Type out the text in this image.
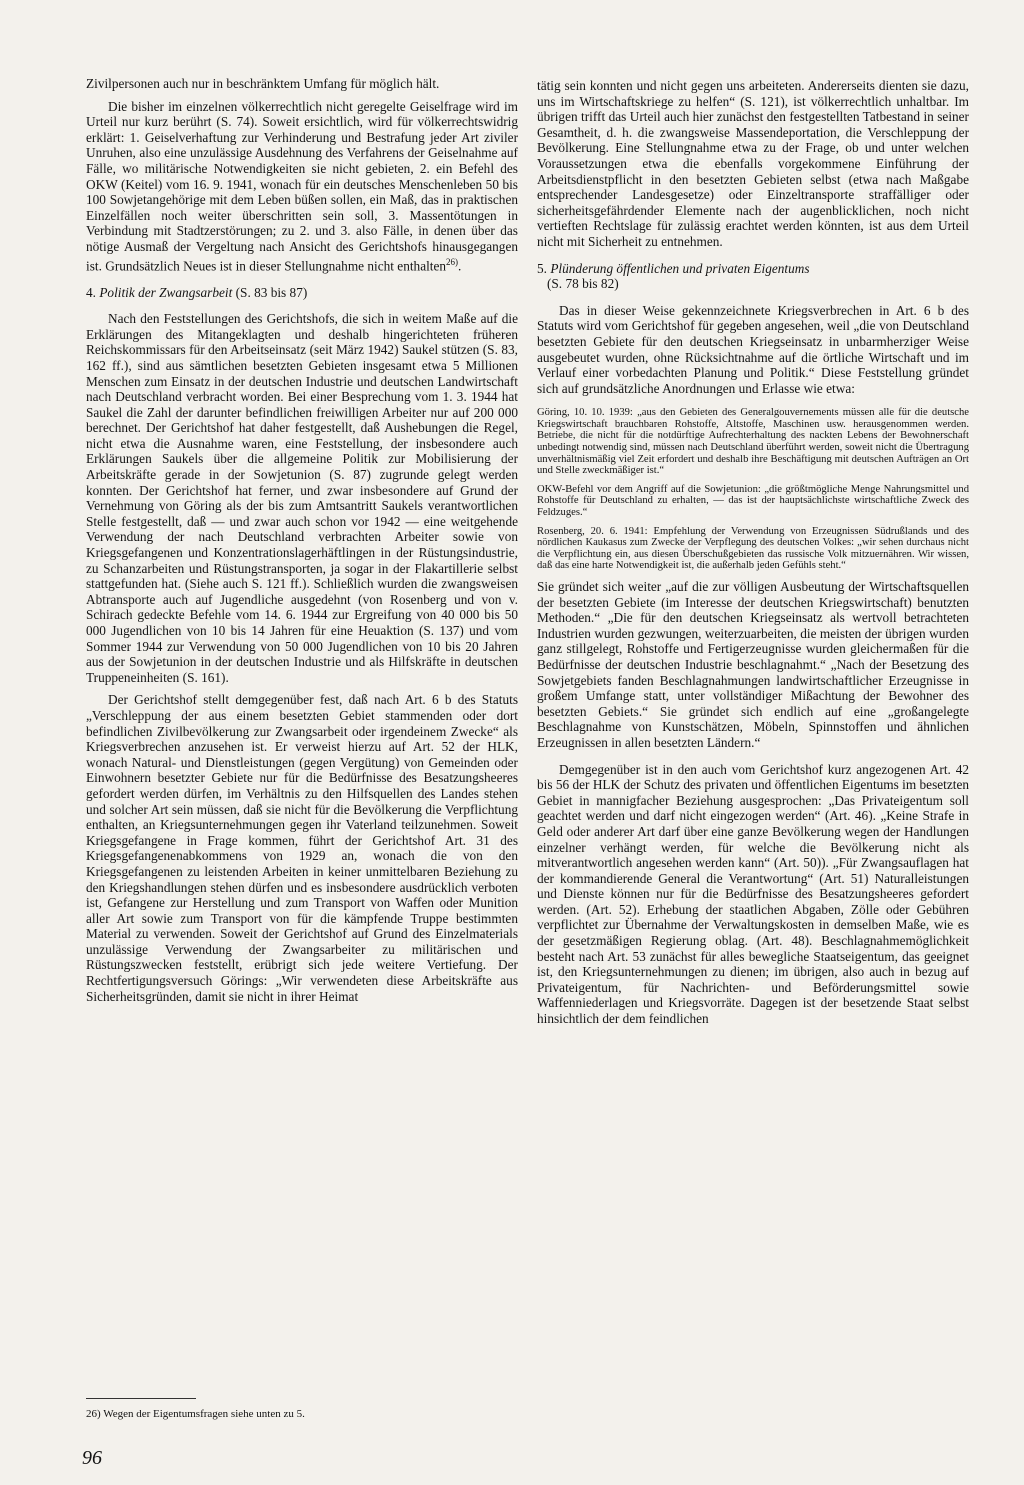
Zivilpersonen auch nur in beschränktem Umfang für möglich hält.

Die bisher im einzelnen völkerrechtlich nicht geregelte Geiselfrage wird im Urteil nur kurz berührt (S. 74). Soweit ersichtlich, wird für völkerrechtswidrig erklärt: 1. Geiselverhaftung zur Verhinderung und Bestrafung jeder Art ziviler Unruhen, also eine unzulässige Ausdehnung des Verfahrens der Geiselnahme auf Fälle, wo militärische Notwendigkeiten sie nicht gebieten, 2. ein Befehl des OKW (Keitel) vom 16. 9. 1941, wonach für ein deutsches Menschenleben 50 bis 100 Sowjetangehörige mit dem Leben büßen sollen, ein Maß, das in praktischen Einzelfällen noch weiter überschritten sein soll, 3. Massentötungen in Verbindung mit Stadtzerstörungen; zu 2. und 3. also Fälle, in denen über das nötige Ausmaß der Vergeltung nach Ansicht des Gerichtshofs hinausgegangen ist. Grundsätzlich Neues ist in dieser Stellungnahme nicht enthalten$^{26)}$.

4. Politik der Zwangsarbeit (S. 83 bis 87)

Nach den Feststellungen des Gerichtshofs, die sich in weitem Maße auf die Erklärungen des Mitangeklagten und deshalb hingerichteten früheren Reichskommissars für den Arbeitseinsatz (seit März 1942) Saukel stützen (S. 83, 162 ff.), sind aus sämtlichen besetzten Gebieten insgesamt etwa 5 Millionen Menschen zum Einsatz in der deutschen Industrie und deutschen Landwirtschaft nach Deutschland verbracht worden. Bei einer Besprechung vom 1. 3. 1944 hat Saukel die Zahl der darunter befindlichen freiwilligen Arbeiter nur auf 200 000 berechnet. Der Gerichtshof hat daher festgestellt, daß Aushebungen die Regel, nicht etwa die Ausnahme waren, eine Feststellung, der insbesondere auch Erklärungen Saukels über die allgemeine Politik zur Mobilisierung der Arbeitskräfte gerade in der Sowjetunion (S. 87) zugrunde gelegt werden konnten. Der Gerichtshof hat ferner, und zwar insbesondere auf Grund der Vernehmung von Göring als der bis zum Amtsantritt Saukels verantwortlichen Stelle festgestellt, daß — und zwar auch schon vor 1942 — eine weitgehende Verwendung der nach Deutschland verbrachten Arbeiter sowie von Kriegsgefangenen und Konzentrationslagerhäftlingen in der Rüstungsindustrie, zu Schanzarbeiten und Rüstungstransporten, ja sogar in der Flakartillerie selbst stattgefunden hat. (Siehe auch S. 121 ff.). Schließlich wurden die zwangsweisen Abtransporte auch auf Jugendliche ausgedehnt (von Rosenberg und von v. Schirach gedeckte Befehle vom 14. 6. 1944 zur Ergreifung von 40 000 bis 50 000 Jugendlichen von 10 bis 14 Jahren für eine Heuaktion (S. 137) und vom Sommer 1944 zur Verwendung von 50 000 Jugendlichen von 10 bis 20 Jahren aus der Sowjetunion in der deutschen Industrie und als Hilfskräfte in deutschen Truppeneinheiten (S. 161).

Der Gerichtshof stellt demgegenüber fest, daß nach Art. 6 b des Statuts „Verschleppung der aus einem besetzten Gebiet stammenden oder dort befindlichen Zivilbevölkerung zur Zwangsarbeit oder irgendeinem Zwecke“ als Kriegsverbrechen anzusehen ist. Er verweist hierzu auf Art. 52 der HLK, wonach Natural- und Dienstleistungen (gegen Vergütung) von Gemeinden oder Einwohnern besetzter Gebiete nur für die Bedürfnisse des Besatzungsheeres gefordert werden dürfen, im Verhältnis zu den Hilfsquellen des Landes stehen und solcher Art sein müssen, daß sie nicht für die Bevölkerung die Verpflichtung enthalten, an Kriegsunternehmungen gegen ihr Vaterland teilzunehmen. Soweit Kriegsgefangene in Frage kommen, führt der Gerichtshof Art. 31 des Kriegsgefangenenabkommens von 1929 an, wonach die von den Kriegsgefangenen zu leistenden Arbeiten in keiner unmittelbaren Beziehung zu den Kriegshandlungen stehen dürfen und es insbesondere ausdrücklich verboten ist, Gefangene zur Herstellung und zum Transport von Waffen oder Munition aller Art sowie zum Transport von für die kämpfende Truppe bestimmten Material zu verwenden. Soweit der Gerichtshof auf Grund des Einzelmaterials unzulässige Verwendung der Zwangsarbeiter zu militärischen und Rüstungszwecken feststellt, erübrigt sich jede weitere Vertiefung. Der Rechtfertigungsversuch Görings: „Wir verwendeten diese Arbeitskräfte aus Sicherheitsgründen, damit sie nicht in ihrer Heimat

tätig sein konnten und nicht gegen uns arbeiteten. Andererseits dienten sie dazu, uns im Wirtschaftskriege zu helfen“ (S. 121), ist völkerrechtlich unhaltbar. Im übrigen trifft das Urteil auch hier zunächst den festgestellten Tatbestand in seiner Gesamtheit, d. h. die zwangsweise Massendeportation, die Verschleppung der Bevölkerung. Eine Stellungnahme etwa zu der Frage, ob und unter welchen Voraussetzungen etwa die ebenfalls vorgekommene Einführung der Arbeitsdienstpflicht in den besetzten Gebieten selbst (etwa nach Maßgabe entsprechender Landesgesetze) oder Einzeltransporte straffälliger oder sicherheitsgefährdender Elemente nach der augenblicklichen, noch nicht vertieften Rechtslage für zulässig erachtet werden könnten, ist aus dem Urteil nicht mit Sicherheit zu entnehmen.

5. Plünderung öffentlichen und privaten Eigentums
(S. 78 bis 82)

Das in dieser Weise gekennzeichnete Kriegsverbrechen in Art. 6 b des Statuts wird vom Gerichtshof für gegeben angesehen, weil „die von Deutschland besetzten Gebiete für den deutschen Kriegseinsatz in unbarmherziger Weise ausgebeutet wurden, ohne Rücksichtnahme auf die örtliche Wirtschaft und im Verlauf einer vorbedachten Planung und Politik.“ Diese Feststellung gründet sich auf grundsätzliche Anordnungen und Erlasse wie etwa:

Göring, 10. 10. 1939: „aus den Gebieten des Generalgouvernements müssen alle für die deutsche Kriegswirtschaft brauchbaren Rohstoffe, Altstoffe, Maschinen usw. herausgenommen werden. Betriebe, die nicht für die notdürftige Aufrechterhaltung des nackten Lebens der Bewohnerschaft unbedingt notwendig sind, müssen nach Deutschland überführt werden, soweit nicht die Übertragung unverhältnismäßig viel Zeit erfordert und deshalb ihre Beschäftigung mit deutschen Aufträgen an Ort und Stelle zweckmäßiger ist.“

OKW-Befehl vor dem Angriff auf die Sowjetunion: „die größtmögliche Menge Nahrungsmittel und Rohstoffe für Deutschland zu erhalten, — das ist der hauptsächlichste wirtschaftliche Zweck des Feldzuges.“

Rosenberg, 20. 6. 1941: Empfehlung der Verwendung von Erzeugnissen Südrußlands und des nördlichen Kaukasus zum Zwecke der Verpflegung des deutschen Volkes: „wir sehen durchaus nicht die Verpflichtung ein, aus diesen Überschußgebieten das russische Volk mitzuernähren. Wir wissen, daß das eine harte Notwendigkeit ist, die außerhalb jeden Gefühls steht.“

Sie gründet sich weiter „auf die zur völligen Ausbeutung der Wirtschaftsquellen der besetzten Gebiete (im Interesse der deutschen Kriegswirtschaft) benutzten Methoden.“ „Die für den deutschen Kriegseinsatz als wertvoll betrachteten Industrien wurden gezwungen, weiterzuarbeiten, die meisten der übrigen wurden ganz stillgelegt, Rohstoffe und Fertigerzeugnisse wurden gleichermaßen für die Bedürfnisse der deutschen Industrie beschlagnahmt.“ „Nach der Besetzung des Sowjetgebiets fanden Beschlagnahmungen landwirtschaftlicher Erzeugnisse in großem Umfange statt, unter vollständiger Mißachtung der Bewohner des besetzten Gebiets.“ Sie gründet sich endlich auf eine „großangelegte Beschlagnahme von Kunstschätzen, Möbeln, Spinnstoffen und ähnlichen Erzeugnissen in allen besetzten Ländern.“

Demgegenüber ist in den auch vom Gerichtshof kurz angezogenen Art. 42 bis 56 der HLK der Schutz des privaten und öffentlichen Eigentums im besetzten Gebiet in mannigfacher Beziehung ausgesprochen: „Das Privateigentum soll geachtet werden und darf nicht eingezogen werden“ (Art. 46). „Keine Strafe in Geld oder anderer Art darf über eine ganze Bevölkerung wegen der Handlungen einzelner verhängt werden, für welche die Bevölkerung nicht als mitverantwortlich angesehen werden kann“ (Art. 50)). „Für Zwangsauflagen hat der kommandierende General die Verantwortung“ (Art. 51) Naturalleistungen und Dienste können nur für die Bedürfnisse des Besatzungsheeres gefordert werden. (Art. 52). Erhebung der staatlichen Abgaben, Zölle oder Gebühren verpflichtet zur Übernahme der Verwaltungskosten in demselben Maße, wie es der gesetzmäßigen Regierung oblag. (Art. 48). Beschlagnahmemöglichkeit besteht nach Art. 53 zunächst für alles bewegliche Staatseigentum, das geeignet ist, den Kriegsunternehmungen zu dienen; im übrigen, also auch in bezug auf Privateigentum, für Nachrichten- und Beförderungsmittel sowie Waffenniederlagen und Kriegsvorräte. Dagegen ist der besetzende Staat selbst hinsichtlich der dem feindlichen

26) Wegen der Eigentumsfragen siehe unten zu 5.
96
